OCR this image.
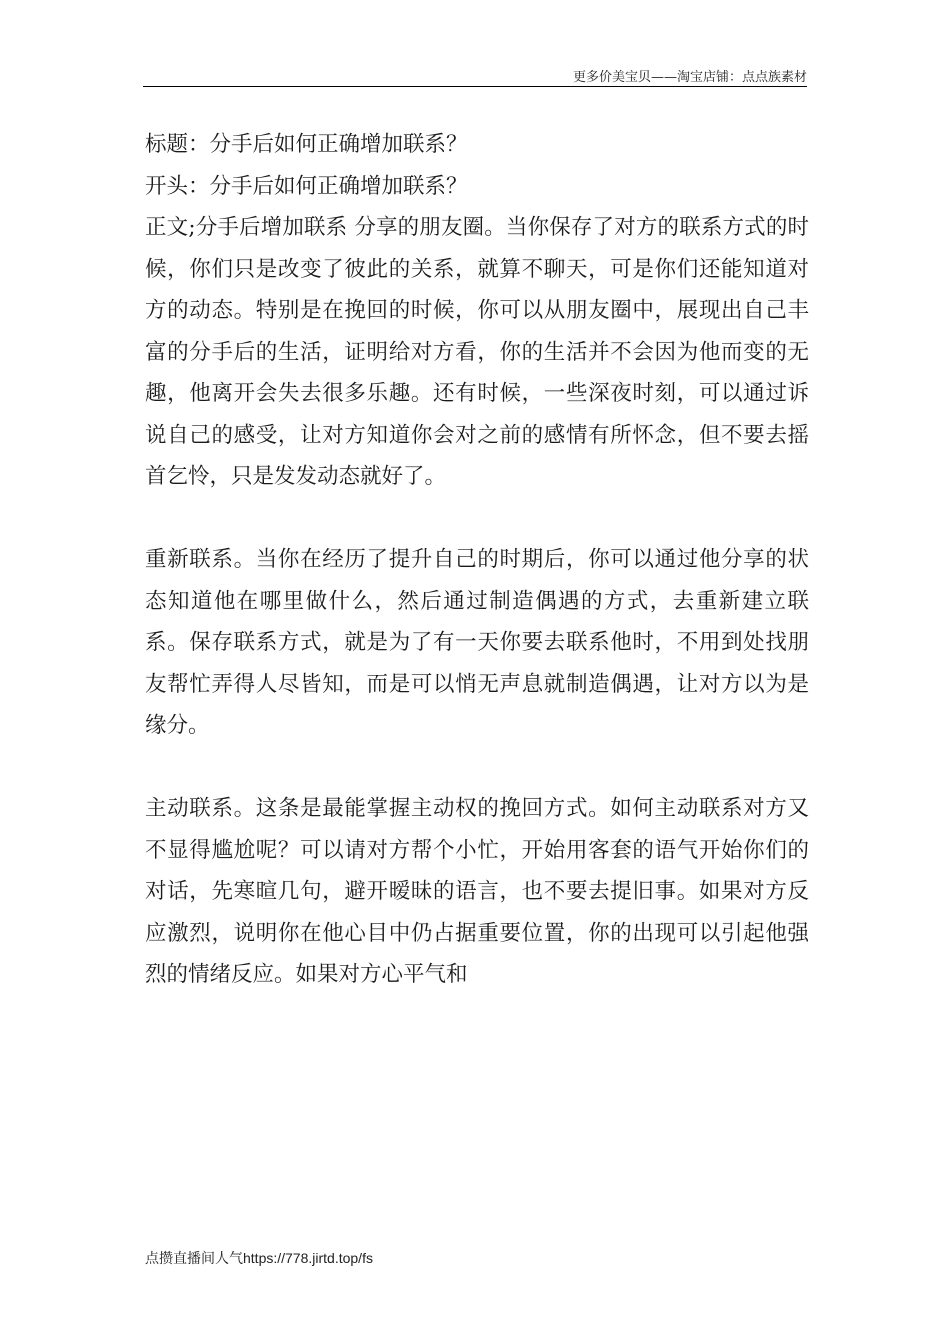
更多价美宝贝——淘宝店铺：点点族素材

标题：分手后如何正确增加联系？

开头：分手后如何正确增加联系？

正文;分手后增加联系 分享的朋友圈。当你保存了对方的联系方式的时候，你们只是改变了彼此的关系，就算不聊天，可是你们还能知道对方的动态。特别是在挽回的时候，你可以从朋友圈中，展现出自己丰富的分手后的生活，证明给对方看，你的生活并不会因为他而变的无趣，他离开会失去很多乐趣。还有时候，一些深夜时刻，可以通过诉说自己的感受，让对方知道你会对之前的感情有所怀念，但不要去摇首乞怜，只是发发动态就好了。

重新联系。当你在经历了提升自己的时期后，你可以通过他分享的状态知道他在哪里做什么，然后通过制造偶遇的方式，去重新建立联系。保存联系方式，就是为了有一天你要去联系他时，不用到处找朋友帮忙弄得人尽皆知，而是可以悄无声息就制造偶遇，让对方以为是缘分。

主动联系。这条是最能掌握主动权的挽回方式。如何主动联系对方又不显得尴尬呢？可以请对方帮个小忙，开始用客套的语气开始你们的对话，先寒暄几句，避开暧昧的语言，也不要去提旧事。如果对方反应激烈，说明你在他心目中仍占据重要位置，你的出现可以引起他强烈的情绪反应。如果对方心平气和

点攒直播间人气https://778.jirtd.top/fs
